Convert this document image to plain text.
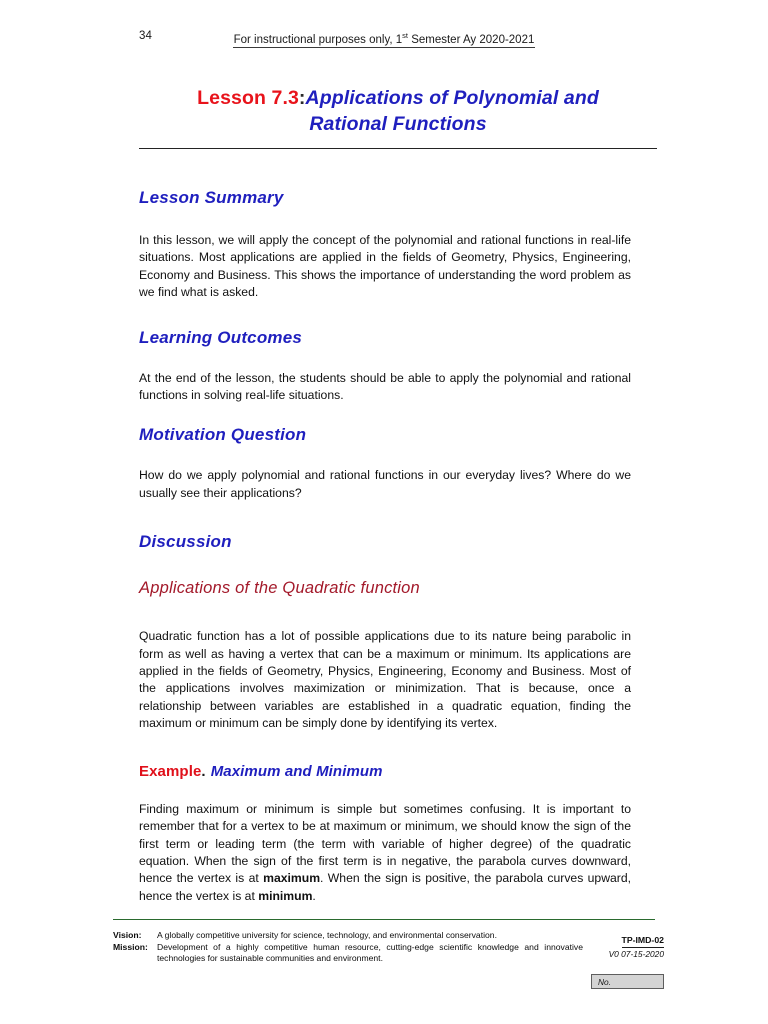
34	For instructional purposes only, 1st Semester Ay 2020-2021
Lesson 7.3:Applications of Polynomial and
Rational Functions
Lesson Summary
In this lesson, we will apply the concept of the polynomial and rational functions in real-life situations. Most applications are applied in the fields of Geometry, Physics, Engineering, Economy and Business. This shows the importance of understanding the word problem as we find what is asked.
Learning Outcomes
At the end of the lesson, the students should be able to apply the polynomial and rational functions in solving real-life situations.
Motivation Question
How do we apply polynomial and rational functions in our everyday lives? Where do we usually see their applications?
Discussion
Applications of the Quadratic function
Quadratic function has a lot of possible applications due to its nature being parabolic in form as well as having a vertex that can be a maximum or minimum. Its applications are applied in the fields of Geometry, Physics, Engineering, Economy and Business. Most of the applications involves maximization or minimization. That is because, once a relationship between variables are established in a quadratic equation, finding the maximum or minimum can be simply done by identifying its vertex.
Example. Maximum and Minimum
Finding maximum or minimum is simple but sometimes confusing. It is important to remember that for a vertex to be at maximum or minimum, we should know the sign of the first term or leading term (the term with variable of higher degree) of the quadratic equation. When the sign of the first term is in negative, the parabola curves downward, hence the vertex is at maximum. When the sign is positive, the parabola curves upward, hence the vertex is at minimum.
Vision:	A globally competitive university for science, technology, and environmental conservation.
Mission:	Development of a highly competitive human resource, cutting-edge scientific knowledge and innovative technologies for sustainable communities and environment.
TP-IMD-02
V0 07-15-2020
No.
